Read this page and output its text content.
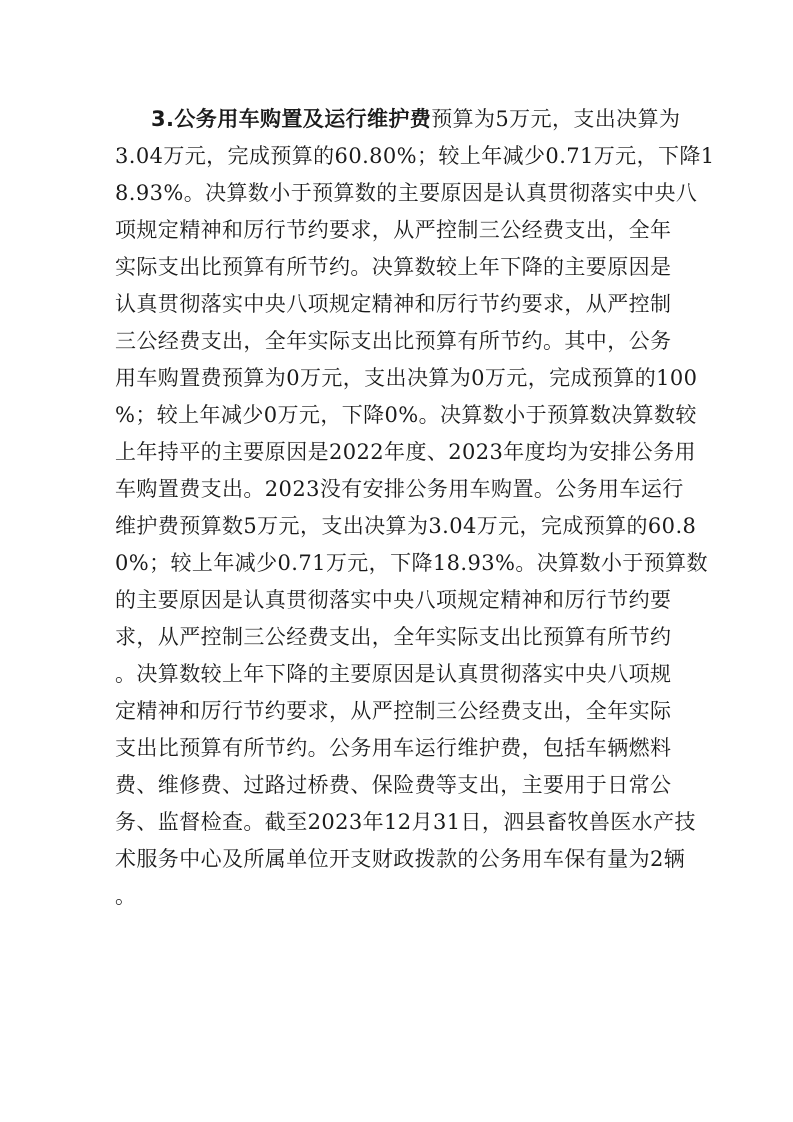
3.公务用车购置及运行维护费预算为5万元，支出决算为
3.04万元，完成预算的60.80%；较上年减少0.71万元，下降1
8.93%。决算数小于预算数的主要原因是认真贯彻落实中央八
项规定精神和厉行节约要求，从严控制三公经费支出，全年
实际支出比预算有所节约。决算数较上年下降的主要原因是
认真贯彻落实中央八项规定精神和厉行节约要求，从严控制
三公经费支出，全年实际支出比预算有所节约。其中，公务
用车购置费预算为0万元，支出决算为0万元，完成预算的100
%；较上年减少0万元，下降0%。决算数小于预算数决算数较
上年持平的主要原因是2022年度、2023年度均为安排公务用
车购置费支出。2023没有安排公务用车购置。公务用车运行
维护费预算数5万元，支出决算为3.04万元，完成预算的60.8
0%；较上年减少0.71万元，下降18.93%。决算数小于预算数
的主要原因是认真贯彻落实中央八项规定精神和厉行节约要
求，从严控制三公经费支出，全年实际支出比预算有所节约
。决算数较上年下降的主要原因是认真贯彻落实中央八项规
定精神和厉行节约要求，从严控制三公经费支出，全年实际
支出比预算有所节约。公务用车运行维护费，包括车辆燃料
费、维修费、过路过桥费、保险费等支出，主要用于日常公
务、监督检查。截至2023年12月31日，泗县畜牧兽医水产技
术服务中心及所属单位开支财政拨款的公务用车保有量为2辆
。
